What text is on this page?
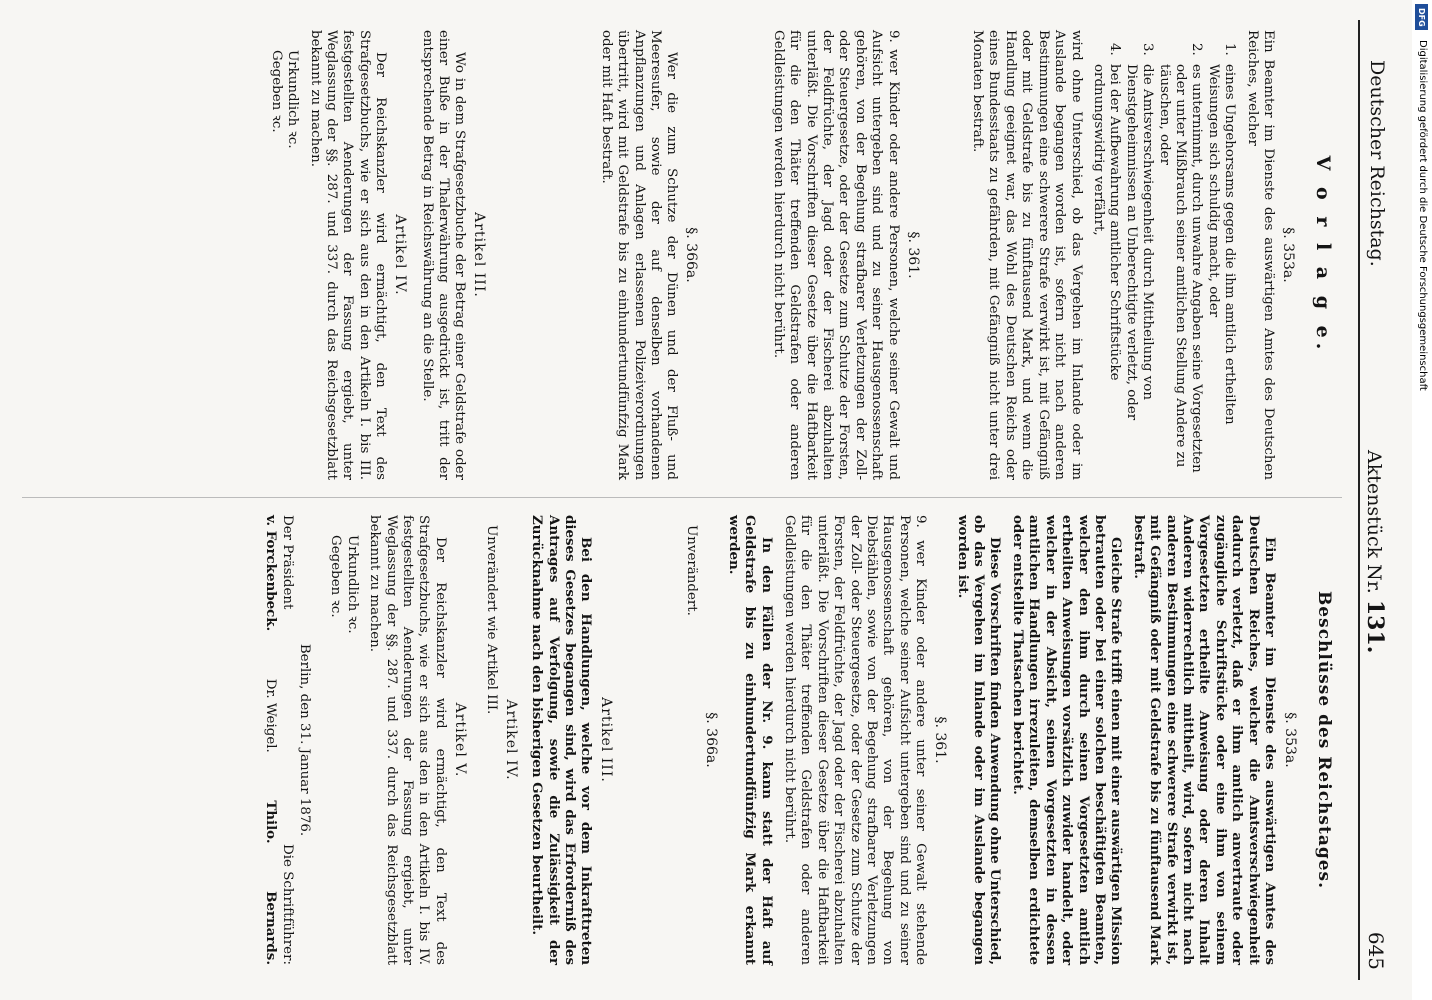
Deutscher Reichstag.
Aktenstück Nr. 131.
645
V o r l a g e.
§. 353a.

Ein Beamter im Dienste des auswärtigen Amtes des Deutschen Reiches, welcher

1. eines Ungehorsams gegen die ihm amtlich ertheilten Weisungen sich schuldig macht, oder
2. es unternimmt, durch unwahre Angaben seine Vorgesetzten oder unter Mißbrauch seiner amtlichen Stellung Andere zu täuschen, oder
3. die Amtsverschwiegenheit durch Mittheilung von Dienstgeheimnissen an Unberechtigte verletzt, oder
4. bei der Aufbewahrung amtlicher Schriftstücke ordnungswidrig verfährt,

wird ohne Unterschied, ob das Vergehen im Inlande oder im Auslande begangen worden ist, sofern nicht nach anderen Bestimmungen eine schwerere Strafe verwirkt ist, mit Gefängniß oder mit Geldstrafe bis zu fünftausend Mark, und wenn die Handlung geeignet war, das Wohl des Deutschen Reichs oder eines Bundesstaats zu gefährden, mit Gefängniß nicht unter drei Monaten bestraft.

§. 361.

9. wer Kinder oder andere Personen, welche seiner Gewalt und Aufsicht untergeben sind und zu seiner Hausgenossenschaft gehören, von der Begehung strafbarer Verletzungen der Zoll- oder Steuergesetze, oder der Gesetze zum Schutze der Forsten, der Feldfrüchte, der Jagd oder der Fischerei abzuhalten unterläßt. Die Vorschriften dieser Gesetze über die Haftbarkeit für die den Thäter treffenden Geldstrafen oder anderen Geldleistungen werden hierdurch nicht berührt.

§. 366a.

Wer die zum Schutze der Dünen und der Fluß- und Meeresufer, sowie der auf denselben vorhandenen Anpflanzungen und Anlagen erlassenen Polizeiverordnungen übertritt, wird mit Geldstrafe bis zu einhundertundfünfzig Mark oder mit Haft bestraft.

Artikel III.

Wo in dem Strafgesetzbuche der Betrag einer Geldstrafe oder einer Buße in der Thalerwährung ausgedrückt ist, tritt der entsprechende Betrag in Reichswährung an die Stelle.

Artikel IV.

Der Reichskanzler wird ermächtigt, den Text des Strafgesetzbuchs, wie er sich aus den in den Artikeln I. bis III. festgestellten Aenderungen der Fassung ergiebt, unter Weglassung der §§. 287. und 337. durch das Reichsgesetzblatt bekannt zu machen.

Urkundlich ꝛc.
Gegeben ꝛc.
Beschlüsse des Reichstages.
§. 353a.

Ein Beamter im Dienste des auswärtigen Amtes des Deutschen Reiches, welcher die Amtsverschwiegenheit dadurch verletzt, daß er ihm amtlich anvertraute oder zugängliche Schriftstücke oder eine ihm von seinem Vorgesetzten ertheilte Anweisung oder deren Inhalt Anderen widerrechtlich mittheilt, wird, sofern nicht nach anderen Bestimmungen eine schwerere Strafe verwirkt ist, mit Gefängniß oder mit Geldstrafe bis zu fünftausend Mark bestraft.

Gleiche Strafe trifft einen mit einer auswärtigen Mission betrauten oder bei einer solchen beschäftigten Beamten, welcher den ihm durch seinen Vorgesetzten amtlich ertheilten Anweisungen vorsätzlich zuwider handelt, oder welcher in der Absicht, seinen Vorgesetzten in dessen amtlichen Handlungen irrezuleiten, demselben erdichtete oder entstellte Thatsachen berichtet.

Diese Vorschriften finden Anwendung ohne Unterschied, ob das Vergehen im Inlande oder im Auslande begangen worden ist.

§. 361.

9. wer Kinder oder andere unter seiner Gewalt stehende Personen, welche seiner Aufsicht untergeben sind und zu seiner Hausgenossenschaft gehören, von der Begehung von Diebstählen, sowie von der Begehung strafbarer Verletzungen der Zoll- oder Steuergesetze, oder der Gesetze zum Schutze der Forsten, der Feldfrüchte, der Jagd oder der Fischerei abzuhalten unterläßt. Die Vorschriften dieser Gesetze über die Haftbarkeit für die den Thäter treffenden Geldstrafen oder anderen Geldleistungen werden hierdurch nicht berührt.

In den Fällen der Nr. 9. kann statt der Haft auf Geldstrafe bis zu einhundertundfünfzig Mark erkannt werden.

§. 366a.
Unverändert.
Artikel III.

Bei den Handlungen, welche vor dem Inkrafttreten dieses Gesetzes begangen sind, wird das Erforderniß des Antrages auf Verfolgung, sowie die Zulässigkeit der Zurücknahme nach den bisherigen Gesetzen beurtheilt.

Artikel IV.
Unverändert wie Artikel III.
Artikel V.

Der Reichskanzler wird ermächtigt, den Text des Strafgesetzbuchs, wie er sich aus den in den Artikeln I. bis IV. festgestellten Aenderungen der Fassung ergiebt, unter Weglassung der §§. 287. und 337. durch das Reichsgesetzblatt bekannt zu machen.

Urkundlich ꝛc.
Gegeben ꝛc.
Berlin, den 31. Januar 1876.
Der Präsident
Die Schriftführer:
v. Forckenbeck.
Dr. Weigel.
Thilo.
Bernards.
DFG
Digitalisierung gefördert durch die Deutsche Forschungsgemeinschaft
